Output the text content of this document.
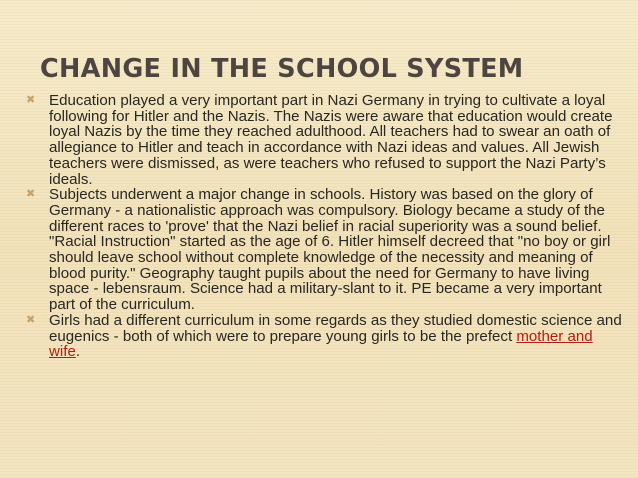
CHANGE IN THE SCHOOL SYSTEM
✖ Education played a very important part in Nazi Germany in trying to cultivate a loyal following for Hitler and the Nazis. The Nazis were aware that education would create loyal Nazis by the time they reached adulthood. All teachers had to swear an oath of allegiance to Hitler and teach in accordance with Nazi ideas and values. All Jewish teachers were dismissed, as were teachers who refused to support the Nazi Party’s ideals.
✖ Subjects underwent a major change in schools. History was based on the glory of Germany - a nationalistic approach was compulsory. Biology became a study of the different races to 'prove' that the Nazi belief in racial superiority was a sound belief. "Racial Instruction" started as the age of 6. Hitler himself decreed that "no boy or girl should leave school without complete knowledge of the necessity and meaning of blood purity." Geography taught pupils about the need for Germany to have living space - lebensraum. Science had a military-slant to it. PE became a very important part of the curriculum.
✖ Girls had a different curriculum in some regards as they studied domestic science and eugenics - both of which were to prepare young girls to be the prefect mother and wife.
